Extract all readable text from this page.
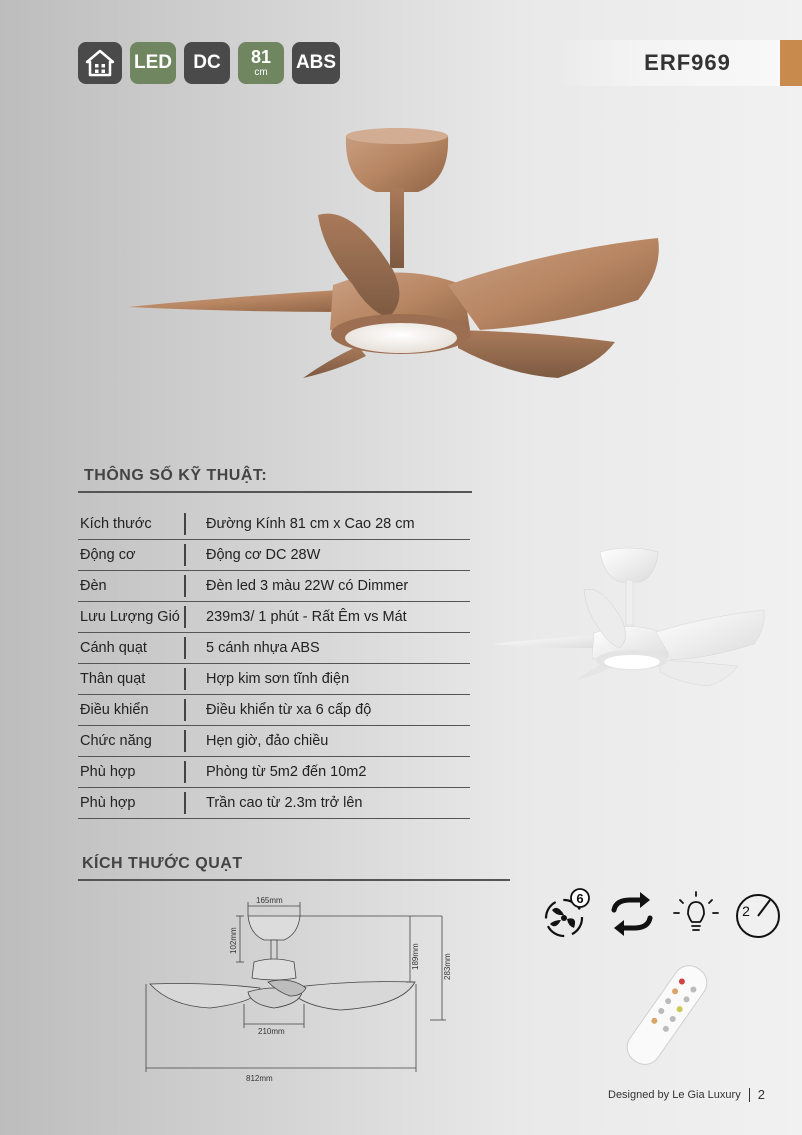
LED	DC	81
cm ABS	ERF969
THÔNG SỐ KỸ THUẬT:
Kích thước	Đường Kính 81 cm x Cao 28 cm
Động cơ	Động cơ DC 28W
Đèn	Đèn led 3 màu 22W có Dimmer
Lưu Lượng Gió	239m3/ 1 phút - Rất Êm vs Mát
Cánh quạt	5 cánh nhựa ABS
Thân quạt	Hợp kim sơn tĩnh điện
Điều khiển	Điều khiển từ xa 6 cấp độ
Chức năng	Hẹn giờ, đảo chiều
Phù hợp	Phòng từ 5m2 đến 10m2
Phù hợp	Trần cao từ 2.3m trở lên
KÍCH THƯỚC QUẠT
165mm
102mm
189mm	283mm
210mm
812mm
6
2
Designed by Le Gia Luxury 2
